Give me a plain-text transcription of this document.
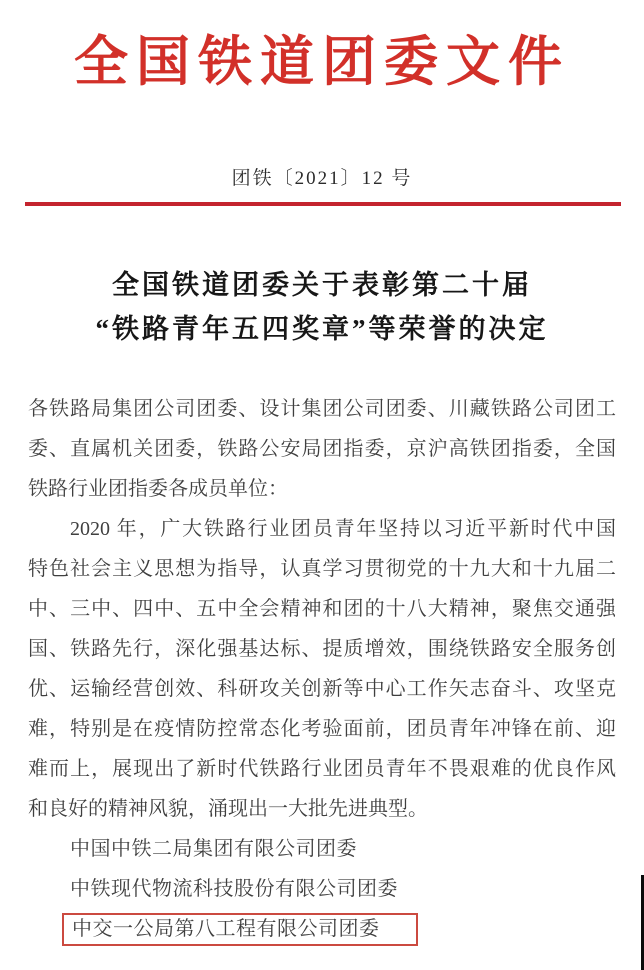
全国铁道团委文件
团铁〔2021〕12 号
全国铁道团委关于表彰第二十届
“铁路青年五四奖章”等荣誉的决定
各铁路局集团公司团委、设计集团公司团委、川藏铁路公司团工
委、直属机关团委，铁路公安局团指委，京沪高铁团指委，全国
铁路行业团指委各成员单位：
2020 年，广大铁路行业团员青年坚持以习近平新时代中国
特色社会主义思想为指导，认真学习贯彻党的十九大和十九届二
中、三中、四中、五中全会精神和团的十八大精神，聚焦交通强
国、铁路先行，深化强基达标、提质增效，围绕铁路安全服务创
优、运输经营创效、科研攻关创新等中心工作矢志奋斗、攻坚克
难，特别是在疫情防控常态化考验面前，团员青年冲锋在前、迎
难而上，展现出了新时代铁路行业团员青年不畏艰难的优良作风
和良好的精神风貌，涌现出一大批先进典型。
中国中铁二局集团有限公司团委
中铁现代物流科技股份有限公司团委
中交一公局第八工程有限公司团委
